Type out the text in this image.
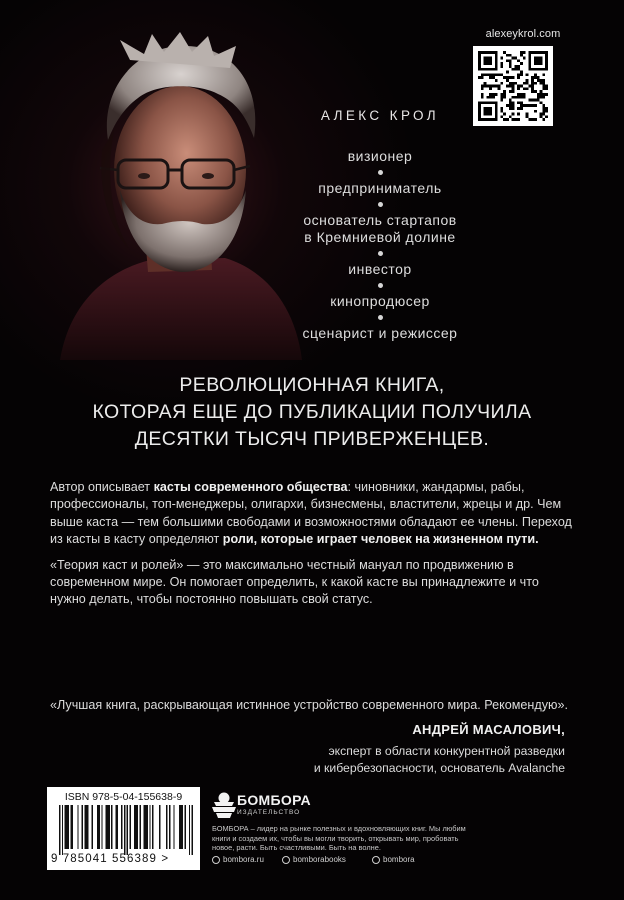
alexeykrol.com
АЛЕКС КРОЛ
визионер
предприниматель
основатель стартапов
в Кремниевой долине
инвестор
кинопродюсер
сценарист и режиссер
РЕВОЛЮЦИОННАЯ КНИГА,
КОТОРАЯ ЕЩЕ ДО ПУБЛИКАЦИИ ПОЛУЧИЛА
ДЕСЯТКИ ТЫСЯЧ ПРИВЕРЖЕНЦЕВ.

Автор описывает касты современного общества: чиновники, жандармы, рабы, профессионалы, топ-менеджеры, олигархи, бизнесмены, властители, жрецы и др. Чем выше каста — тем большими свободами и возможностями обладают ее члены. Переход из касты в касту определяют роли, которые играет человек на жизненном пути.

«Теория каст и ролей» — это максимально честный мануал по продвижению в современном мире. Он помогает определить, к какой касте вы принадлежите и что нужно делать, чтобы постоянно повышать свой статус.

«Лучшая книга, раскрывающая истинное устройство современного мира. Рекомендую».
АНДРЕЙ МАСАЛОВИЧ,
эксперт в области конкурентной разведки
и кибербезопасности, основатель Avalanche
ISBN 978-5-04-155638-9
9 785041 556389 >
БОМБОРА
ИЗДАТЕЛЬСТВО
БОМБОРА – лидер на рынке полезных и вдохновляющих книг. Мы любим книги и создаем их, чтобы вы могли творить, открывать мир, пробовать новое, расти. Быть счастливыми. Быть на волне.
bombora.ru	bomborabooks	bombora
